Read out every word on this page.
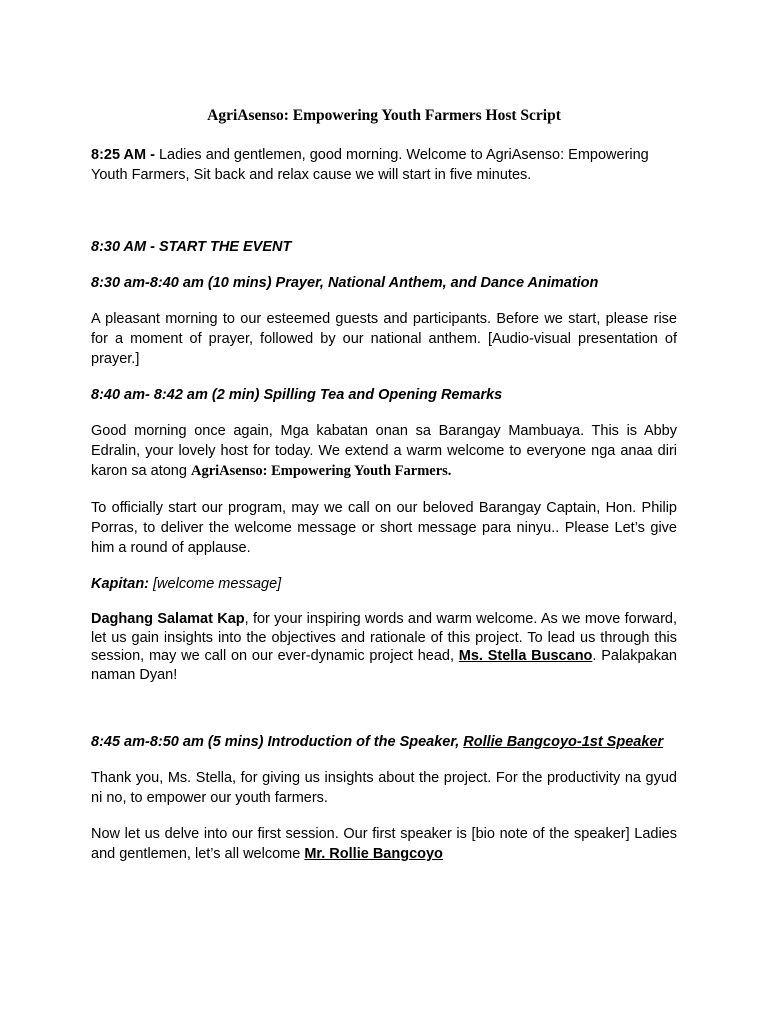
AgriAsenso: Empowering Youth Farmers Host Script

8:25 AM - Ladies and gentlemen, good morning. Welcome to AgriAsenso: Empowering Youth Farmers, Sit back and relax cause we will start in five minutes.

8:30 AM - START THE EVENT

8:30 am-8:40 am (10 mins) Prayer, National Anthem, and Dance Animation

A pleasant morning to our esteemed guests and participants. Before we start, please rise for a moment of prayer, followed by our national anthem. [Audio-visual presentation of prayer.]

8:40 am- 8:42 am (2 min) Spilling Tea and Opening Remarks

Good morning once again, Mga kabatan onan sa Barangay Mambuaya. This is Abby Edralin, your lovely host for today. We extend a warm welcome to everyone nga anaa diri karon sa atong AgriAsenso: Empowering Youth Farmers.

To officially start our program, may we call on our beloved Barangay Captain, Hon. Philip Porras, to deliver the welcome message or short message para ninyu.. Please Let’s give him a round of applause.

Kapitan: [welcome message]

Daghang Salamat Kap, for your inspiring words and warm welcome. As we move forward, let us gain insights into the objectives and rationale of this project. To lead us through this session, may we call on our ever-dynamic project head, Ms. Stella Buscano. Palakpakan naman Dyan!

8:45 am-8:50 am (5 mins) Introduction of the Speaker, Rollie Bangcoyo-1st Speaker

Thank you, Ms. Stella, for giving us insights about the project. For the productivity na gyud ni no, to empower our youth farmers.

Now let us delve into our first session. Our first speaker is [bio note of the speaker] Ladies and gentlemen, let’s all welcome Mr. Rollie Bangcoyo
